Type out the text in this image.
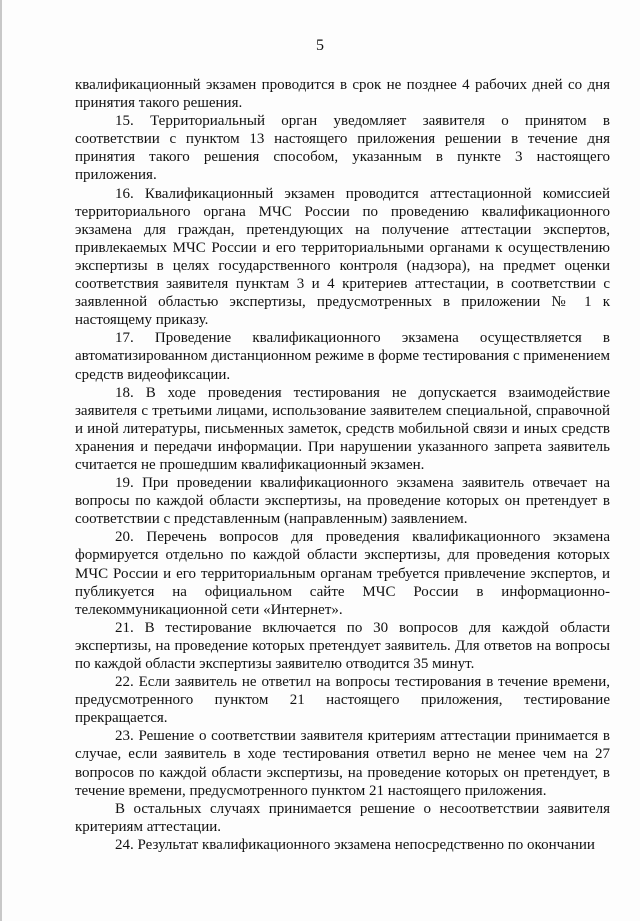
5

квалификационный экзамен проводится в срок не позднее 4 рабочих дней со дня принятия такого решения.

15. Территориальный орган уведомляет заявителя о принятом в соответствии с пунктом 13 настоящего приложения решении в течение дня принятия такого решения способом, указанным в пункте 3 настоящего приложения.

16. Квалификационный экзамен проводится аттестационной комиссией территориального органа МЧС России по проведению квалификационного экзамена для граждан, претендующих на получение аттестации экспертов, привлекаемых МЧС России и его территориальными органами к осуществлению экспертизы в целях государственного контроля (надзора), на предмет оценки соответствия заявителя пунктам 3 и 4 критериев аттестации, в соответствии с заявленной областью экспертизы, предусмотренных в приложении № 1 к настоящему приказу.

17. Проведение квалификационного экзамена осуществляется в автоматизированном дистанционном режиме в форме тестирования с применением средств видеофиксации.

18. В ходе проведения тестирования не допускается взаимодействие заявителя с третьими лицами, использование заявителем специальной, справочной и иной литературы, письменных заметок, средств мобильной связи и иных средств хранения и передачи информации. При нарушении указанного запрета заявитель считается не прошедшим квалификационный экзамен.

19. При проведении квалификационного экзамена заявитель отвечает на вопросы по каждой области экспертизы, на проведение которых он претендует в соответствии с представленным (направленным) заявлением.

20. Перечень вопросов для проведения квалификационного экзамена формируется отдельно по каждой области экспертизы, для проведения которых МЧС России и его территориальным органам требуется привлечение экспертов, и публикуется на официальном сайте МЧС России в информационно-телекоммуникационной сети «Интернет».

21. В тестирование включается по 30 вопросов для каждой области экспертизы, на проведение которых претендует заявитель. Для ответов на вопросы по каждой области экспертизы заявителю отводится 35 минут.

22. Если заявитель не ответил на вопросы тестирования в течение времени, предусмотренного пунктом 21 настоящего приложения, тестирование прекращается.

23. Решение о соответствии заявителя критериям аттестации принимается в случае, если заявитель в ходе тестирования ответил верно не менее чем на 27 вопросов по каждой области экспертизы, на проведение которых он претендует, в течение времени, предусмотренного пунктом 21 настоящего приложения.

В остальных случаях принимается решение о несоответствии заявителя критериям аттестации.

24. Результат квалификационного экзамена непосредственно по окончании
